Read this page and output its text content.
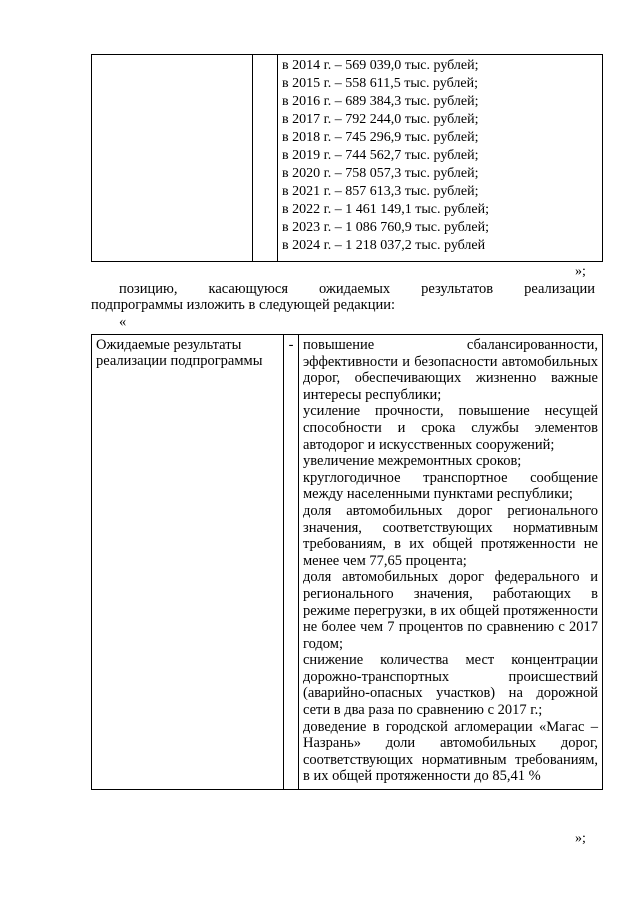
в 2014 г. – 569 039,0 тыс. рублей;
в 2015 г. – 558 611,5 тыс. рублей;
в 2016 г. – 689 384,3 тыс. рублей;
в 2017 г. – 792 244,0 тыс. рублей;
в 2018 г. – 745 296,9 тыс. рублей;
в 2019 г. – 744 562,7 тыс. рублей;
в 2020 г. – 758 057,3 тыс. рублей;
в 2021 г. – 857 613,3 тыс. рублей;
в 2022 г. – 1 461 149,1 тыс. рублей;
в 2023 г. – 1 086 760,9 тыс. рублей;
в 2024 г. – 1 218 037,2 тыс. рублей
»;
позицию, касающуюся ожидаемых результатов реализации
подпрограммы изложить в следующей редакции:
«
Ожидаемые результаты реализации подпрограммы	-	повышение сбалансированности, эффективности и безопасности автомобильных дорог, обеспечивающих жизненно важные интересы республики;
усиление прочности, повышение несущей способности и срока службы элементов автодорог и искусственных сооружений;
увеличение межремонтных сроков;
круглогодичное транспортное сообщение между населенными пунктами республики;
доля автомобильных дорог регионального значения, соответствующих нормативным требованиям, в их общей протяженности не менее чем 77,65 процента;
доля автомобильных дорог федерального и регионального значения, работающих в режиме перегрузки, в их общей протяженности не более чем 7 процентов по сравнению с 2017 годом;
снижение количества мест концентрации дорожно-транспортных происшествий (аварийно-опасных участков) на дорожной сети в два раза по сравнению с 2017 г.;
доведение в городской агломерации «Магас – Назрань» доли автомобильных дорог, соответствующих нормативным требованиям, в их общей протяженности до 85,41 %
»;
